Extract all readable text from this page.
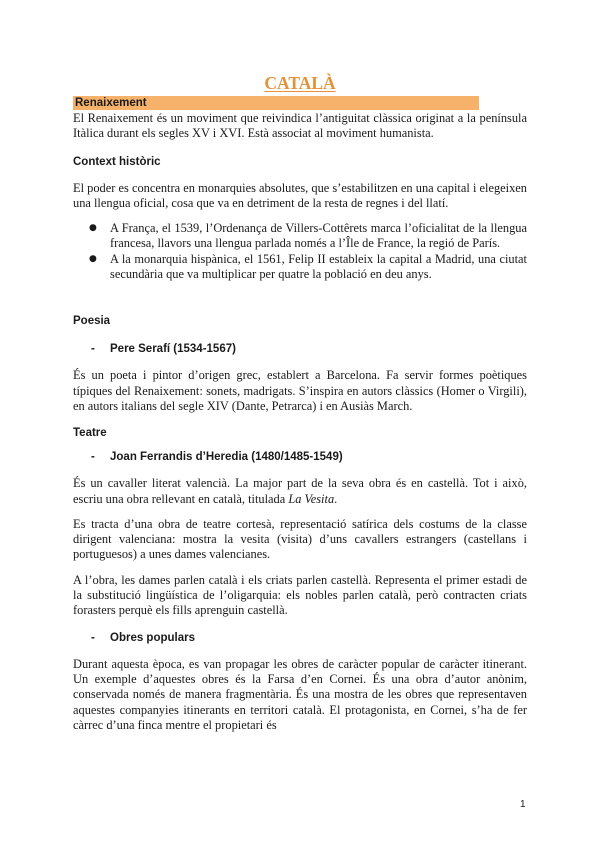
CATALÀ
Renaixement

El Renaixement és un moviment que reivindica l’antiguitat clàssica originat a la península Itàlica durant els segles XV i XVI. Està associat al moviment humanista.

Context històric

El poder es concentra en monarquies absolutes, que s’estabilitzen en una capital i elegeixen una llengua oficial, cosa que va en detriment de la resta de regnes i del llatí.

● A França, el 1539, l’Ordenança de Villers-Cottêrets marca l’oficialitat de la llengua francesa, llavors una llengua parlada només a l’Île de France, la regió de París.
● A la monarquia hispànica, el 1561, Felip II estableix la capital a Madrid, una ciutat secundària que va multiplicar per quatre la població en deu anys.
Poesia
- Pere Serafí (1534-1567)

És un poeta i pintor d’origen grec, establert a Barcelona. Fa servir formes poètiques típiques del Renaixement: sonets, madrigats. S’inspira en autors clàssics (Homer o Virgili), en autors italians del segle XIV (Dante, Petrarca) i en Ausiàs March.

Teatre
- Joan Ferrandis d’Heredia (1480/1485-1549)

És un cavaller literat valencià. La major part de la seva obra és en castellà. Tot i això, escriu una obra rellevant en català, titulada La Vesita.

Es tracta d’una obra de teatre cortesà, representació satírica dels costums de la classe dirigent valenciana: mostra la vesita (visita) d’uns cavallers estrangers (castellans i portuguesos) a unes dames valencianes.

A l’obra, les dames parlen català i els criats parlen castellà. Representa el primer estadi de la substitució lingüística de l’oligarquia: els nobles parlen català, però contracten criats forasters perquè els fills aprenguin castellà.

- Obres populars

Durant aquesta època, es van propagar les obres de caràcter popular de caràcter itinerant. Un exemple d’aquestes obres és la Farsa d’en Cornei. És una obra d’autor anònim, conservada només de manera fragmentària. És una mostra de les obres que representaven aquestes companyies itinerants en territori català. El protagonista, en Cornei, s’ha de fer càrrec d’una finca mentre el propietari és

1
